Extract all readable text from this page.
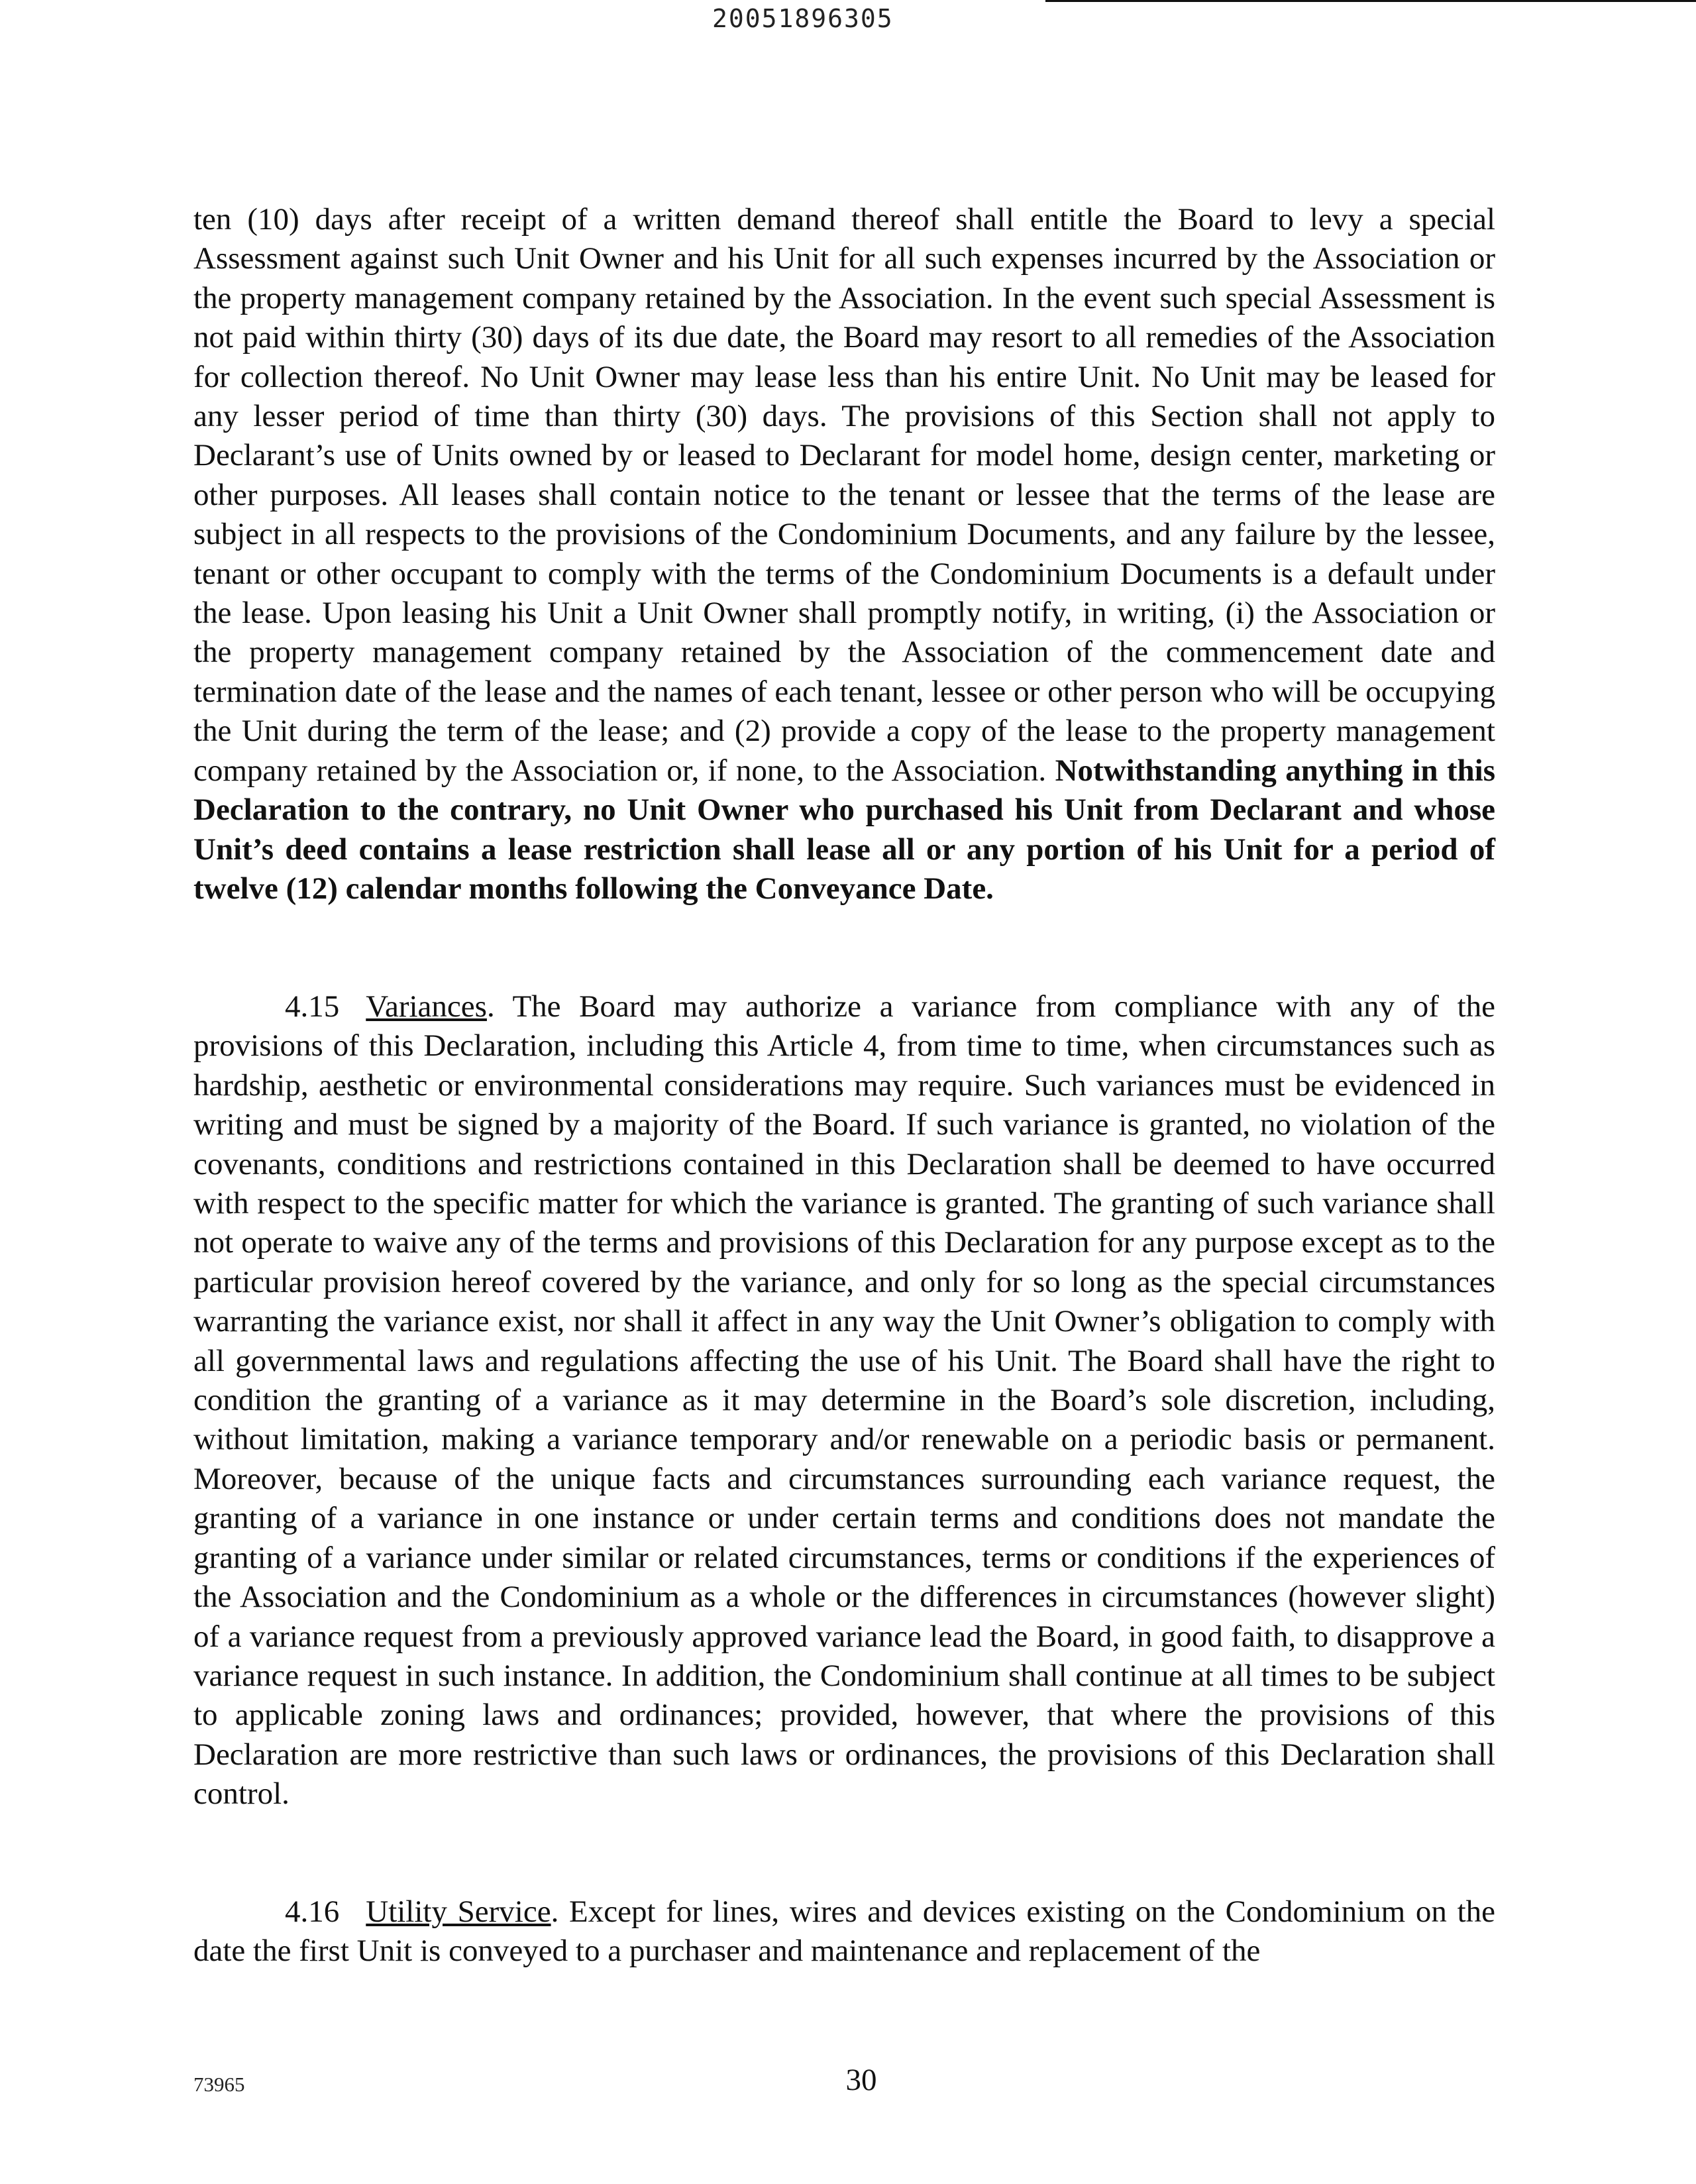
20051896305
ten (10) days after receipt of a written demand thereof shall entitle the Board to levy a special Assessment against such Unit Owner and his Unit for all such expenses incurred by the Association or the property management company retained by the Association. In the event such special Assessment is not paid within thirty (30) days of its due date, the Board may resort to all remedies of the Association for collection thereof. No Unit Owner may lease less than his entire Unit. No Unit may be leased for any lesser period of time than thirty (30) days. The provisions of this Section shall not apply to Declarant’s use of Units owned by or leased to Declarant for model home, design center, marketing or other purposes. All leases shall contain notice to the tenant or lessee that the terms of the lease are subject in all respects to the provisions of the Condominium Documents, and any failure by the lessee, tenant or other occupant to comply with the terms of the Condominium Documents is a default under the lease. Upon leasing his Unit a Unit Owner shall promptly notify, in writing, (i) the Association or the property management company retained by the Association of the commencement date and termination date of the lease and the names of each tenant, lessee or other person who will be occupying the Unit during the term of the lease; and (2) provide a copy of the lease to the property management company retained by the Association or, if none, to the Association. Notwithstanding anything in this Declaration to the contrary, no Unit Owner who purchased his Unit from Declarant and whose Unit’s deed contains a lease restriction shall lease all or any portion of his Unit for a period of twelve (12) calendar months following the Conveyance Date.
4.15 Variances. The Board may authorize a variance from compliance with any of the provisions of this Declaration, including this Article 4, from time to time, when circumstances such as hardship, aesthetic or environmental considerations may require. Such variances must be evidenced in writing and must be signed by a majority of the Board. If such variance is granted, no violation of the covenants, conditions and restrictions contained in this Declaration shall be deemed to have occurred with respect to the specific matter for which the variance is granted. The granting of such variance shall not operate to waive any of the terms and provisions of this Declaration for any purpose except as to the particular provision hereof covered by the variance, and only for so long as the special circumstances warranting the variance exist, nor shall it affect in any way the Unit Owner’s obligation to comply with all governmental laws and regulations affecting the use of his Unit. The Board shall have the right to condition the granting of a variance as it may determine in the Board’s sole discretion, including, without limitation, making a variance temporary and/or renewable on a periodic basis or permanent. Moreover, because of the unique facts and circumstances surrounding each variance request, the granting of a variance in one instance or under certain terms and conditions does not mandate the granting of a variance under similar or related circumstances, terms or conditions if the experiences of the Association and the Condominium as a whole or the differences in circumstances (however slight) of a variance request from a previously approved variance lead the Board, in good faith, to disapprove a variance request in such instance. In addition, the Condominium shall continue at all times to be subject to applicable zoning laws and ordinances; provided, however, that where the provisions of this Declaration are more restrictive than such laws or ordinances, the provisions of this Declaration shall control.
4.16 Utility Service. Except for lines, wires and devices existing on the Condominium on the date the first Unit is conveyed to a purchaser and maintenance and replacement of the
73965	30
